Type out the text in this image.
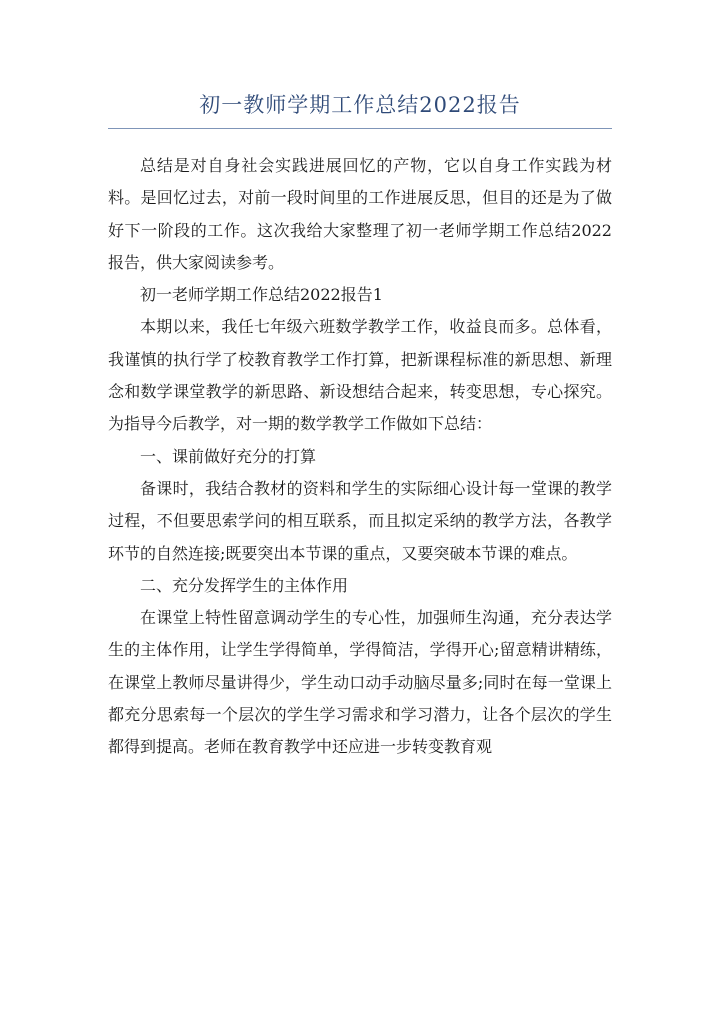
初一教师学期工作总结2022报告

总结是对自身社会实践进展回忆的产物，它以自身工作实践为材料。是回忆过去，对前一段时间里的工作进展反思，但目的还是为了做好下一阶段的工作。这次我给大家整理了初一老师学期工作总结2022报告，供大家阅读参考。

初一老师学期工作总结2022报告1

本期以来，我任七年级六班数学教学工作，收益良而多。总体看，我谨慎的执行学了校教育教学工作打算，把新课程标准的新思想、新理念和数学课堂教学的新思路、新设想结合起来，转变思想，专心探究。为指导今后教学，对一期的数学教学工作做如下总结：

一、课前做好充分的打算

备课时，我结合教材的资料和学生的实际细心设计每一堂课的教学过程，不但要思索学问的相互联系，而且拟定采纳的教学方法，各教学环节的自然连接;既要突出本节课的重点，又要突破本节课的难点。

二、充分发挥学生的主体作用

在课堂上特性留意调动学生的专心性，加强师生沟通，充分表达学生的主体作用，让学生学得简单，学得简洁，学得开心;留意精讲精练，在课堂上教师尽量讲得少，学生动口动手动脑尽量多;同时在每一堂课上都充分思索每一个层次的学生学习需求和学习潜力，让各个层次的学生都得到提高。老师在教育教学中还应进一步转变教育观
